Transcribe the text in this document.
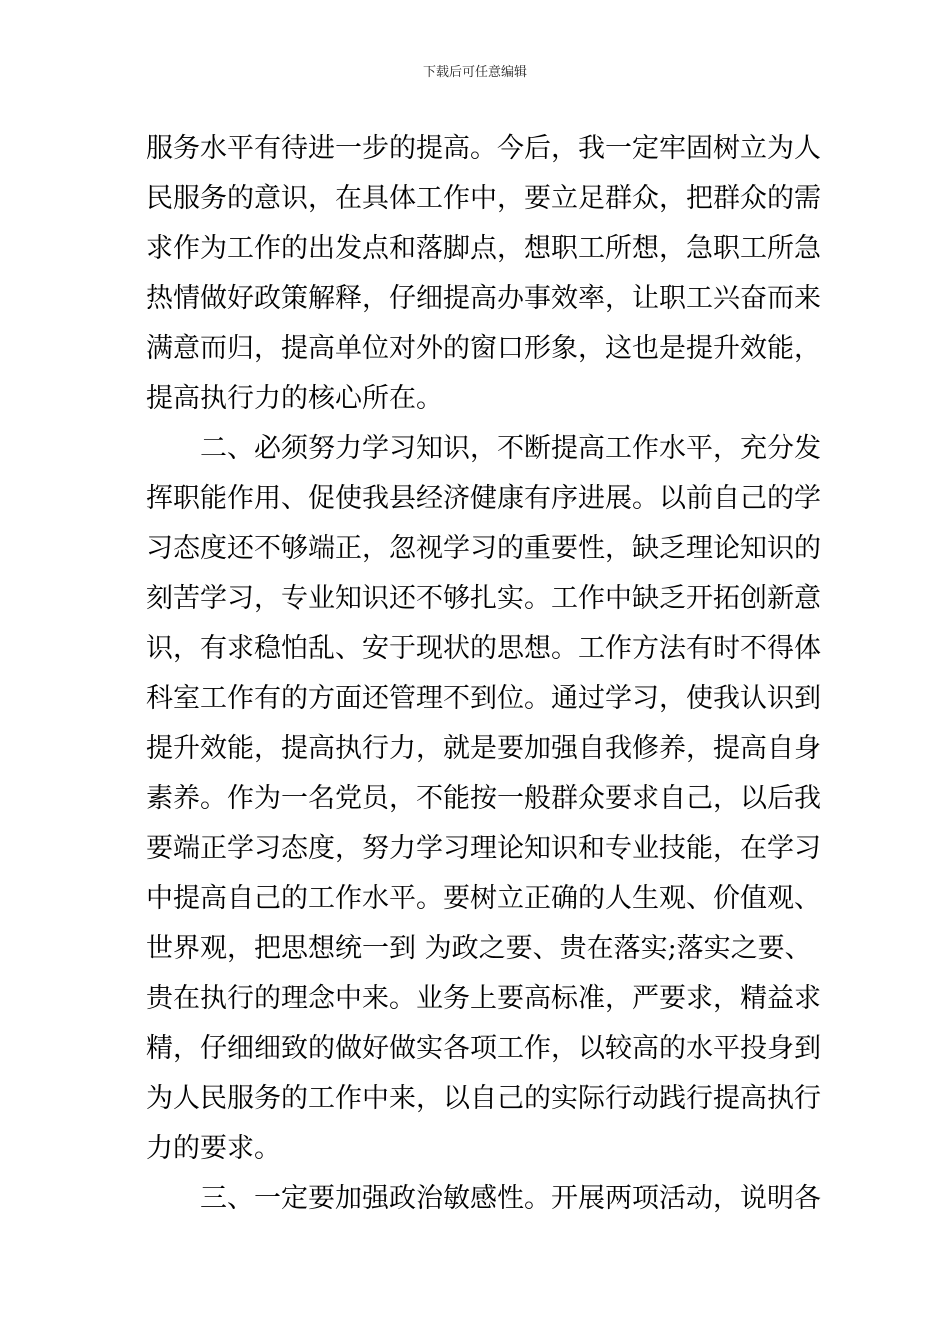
下载后可任意编辑
服务水平有待进一步的提高。今后，我一定牢固树立为人
民服务的意识，在具体工作中，要立足群众，把群众的需
求作为工作的出发点和落脚点，想职工所想，急职工所急
热情做好政策解释，仔细提高办事效率，让职工兴奋而来
满意而归，提高单位对外的窗口形象，这也是提升效能，
提高执行力的核心所在。
二、必须努力学习知识，不断提高工作水平，充分发
挥职能作用、促使我县经济健康有序进展。以前自己的学
习态度还不够端正，忽视学习的重要性，缺乏理论知识的
刻苦学习，专业知识还不够扎实。工作中缺乏开拓创新意
识，有求稳怕乱、安于现状的思想。工作方法有时不得体
科室工作有的方面还管理不到位。通过学习，使我认识到
提升效能，提高执行力，就是要加强自我修养，提高自身
素养。作为一名党员，不能按一般群众要求自己，以后我
要端正学习态度，努力学习理论知识和专业技能，在学习
中提高自己的工作水平。要树立正确的人生观、价值观、
世界观，把思想统一到 为政之要、贵在落实;落实之要、
贵在执行的理念中来。业务上要高标准，严要求，精益求
精，仔细细致的做好做实各项工作，以较高的水平投身到
为人民服务的工作中来，以自己的实际行动践行提高执行
力的要求。
三、一定要加强政治敏感性。开展两项活动，说明各
